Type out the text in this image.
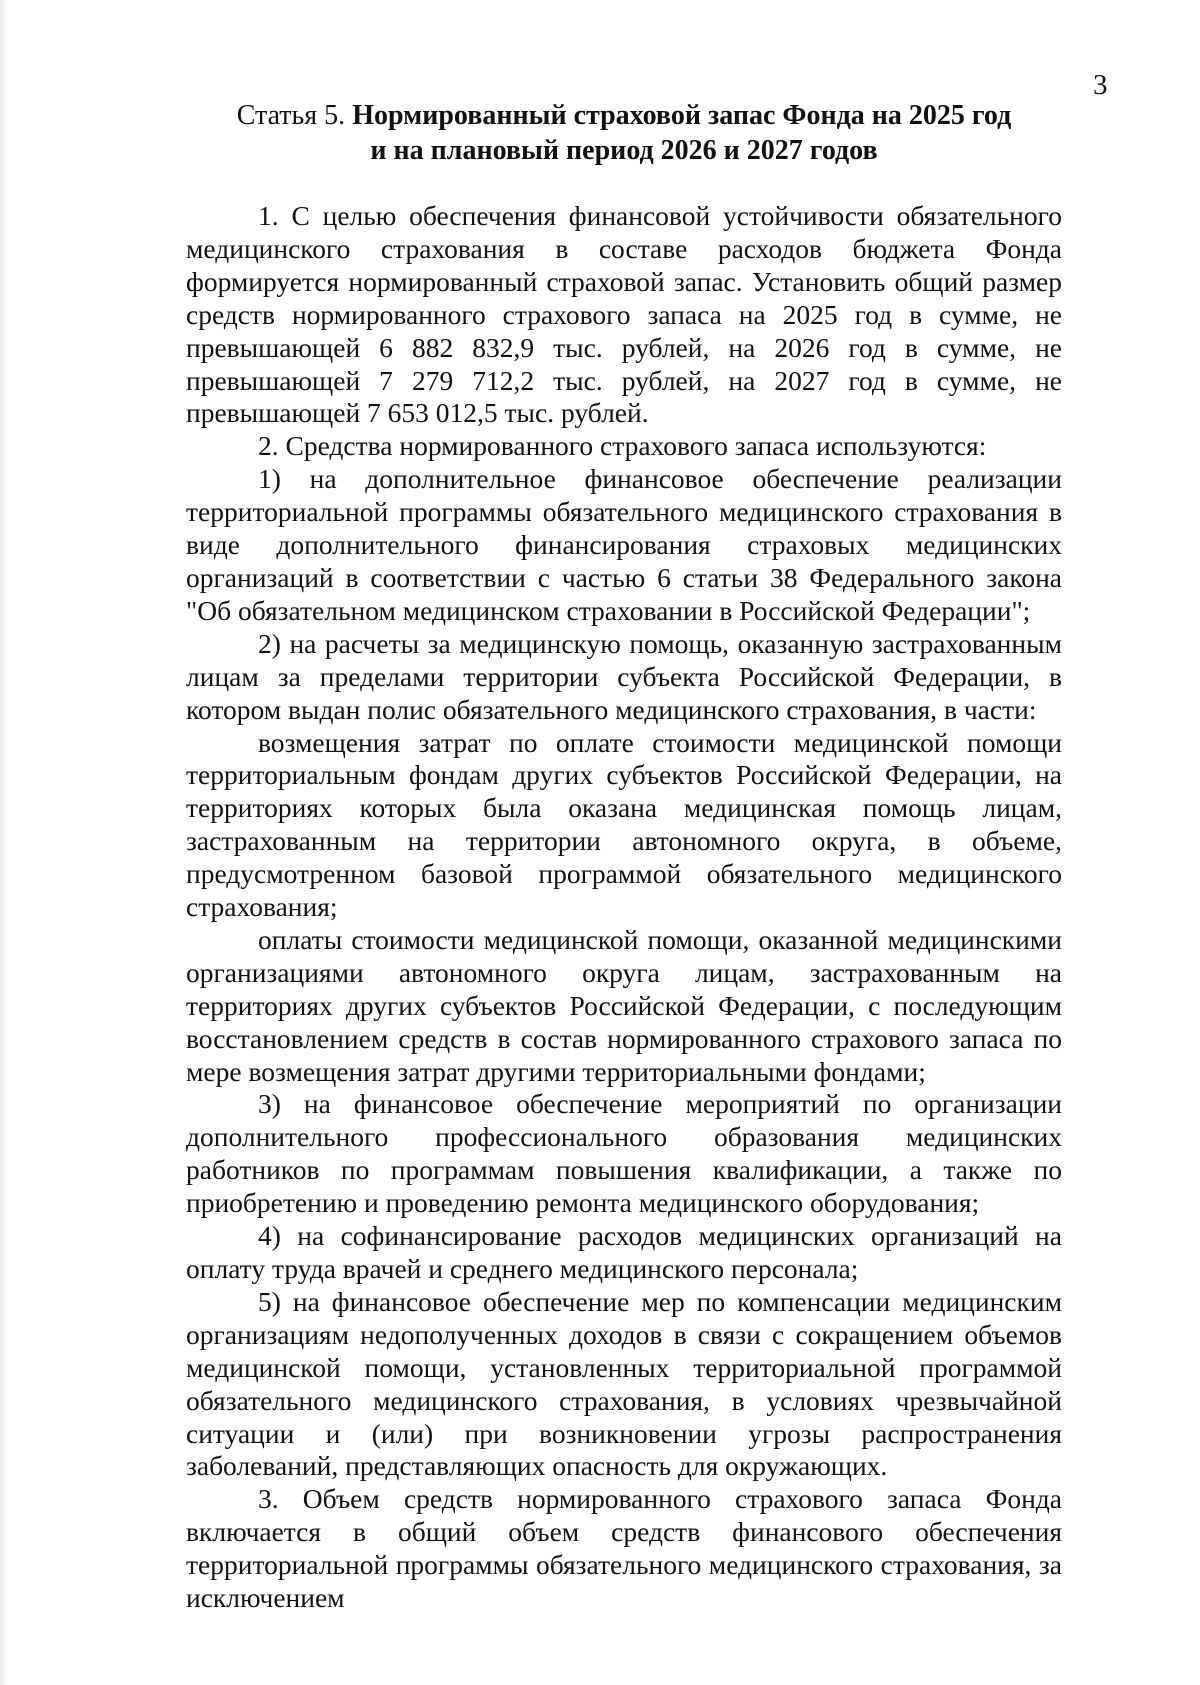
3

Статья 5. Нормированный страховой запас Фонда на 2025 год
и на плановый период 2026 и 2027 годов

1. С целью обеспечения финансовой устойчивости обязательного медицинского страхования в составе расходов бюджета Фонда формируется нормированный страховой запас. Установить общий размер средств нормированного страхового запаса на 2025 год в сумме, не превышающей 6 882 832,9 тыс. рублей, на 2026 год в сумме, не превышающей 7 279 712,2 тыс. рублей, на 2027 год в сумме, не превышающей 7 653 012,5 тыс. рублей.

2. Средства нормированного страхового запаса используются:

1) на дополнительное финансовое обеспечение реализации территориальной программы обязательного медицинского страхования в виде дополнительного финансирования страховых медицинских организаций в соответствии с частью 6 статьи 38 Федерального закона "Об обязательном медицинском страховании в Российской Федерации";

2) на расчеты за медицинскую помощь, оказанную застрахованным лицам за пределами территории субъекта Российской Федерации, в котором выдан полис обязательного медицинского страхования, в части:

возмещения затрат по оплате стоимости медицинской помощи территориальным фондам других субъектов Российской Федерации, на территориях которых была оказана медицинская помощь лицам, застрахованным на территории автономного округа, в объеме, предусмотренном базовой программой обязательного медицинского страхования;

оплаты стоимости медицинской помощи, оказанной медицинскими организациями автономного округа лицам, застрахованным на территориях других субъектов Российской Федерации, с последующим восстановлением средств в состав нормированного страхового запаса по мере возмещения затрат другими территориальными фондами;

3) на финансовое обеспечение мероприятий по организации дополнительного профессионального образования медицинских работников по программам повышения квалификации, а также по приобретению и проведению ремонта медицинского оборудования;

4) на софинансирование расходов медицинских организаций на оплату труда врачей и среднего медицинского персонала;

5) на финансовое обеспечение мер по компенсации медицинским организациям недополученных доходов в связи с сокращением объемов медицинской помощи, установленных территориальной программой обязательного медицинского страхования, в условиях чрезвычайной ситуации и (или) при возникновении угрозы распространения заболеваний, представляющих опасность для окружающих.

3. Объем средств нормированного страхового запаса Фонда включается в общий объем средств финансового обеспечения территориальной программы обязательного медицинского страхования, за исключением
